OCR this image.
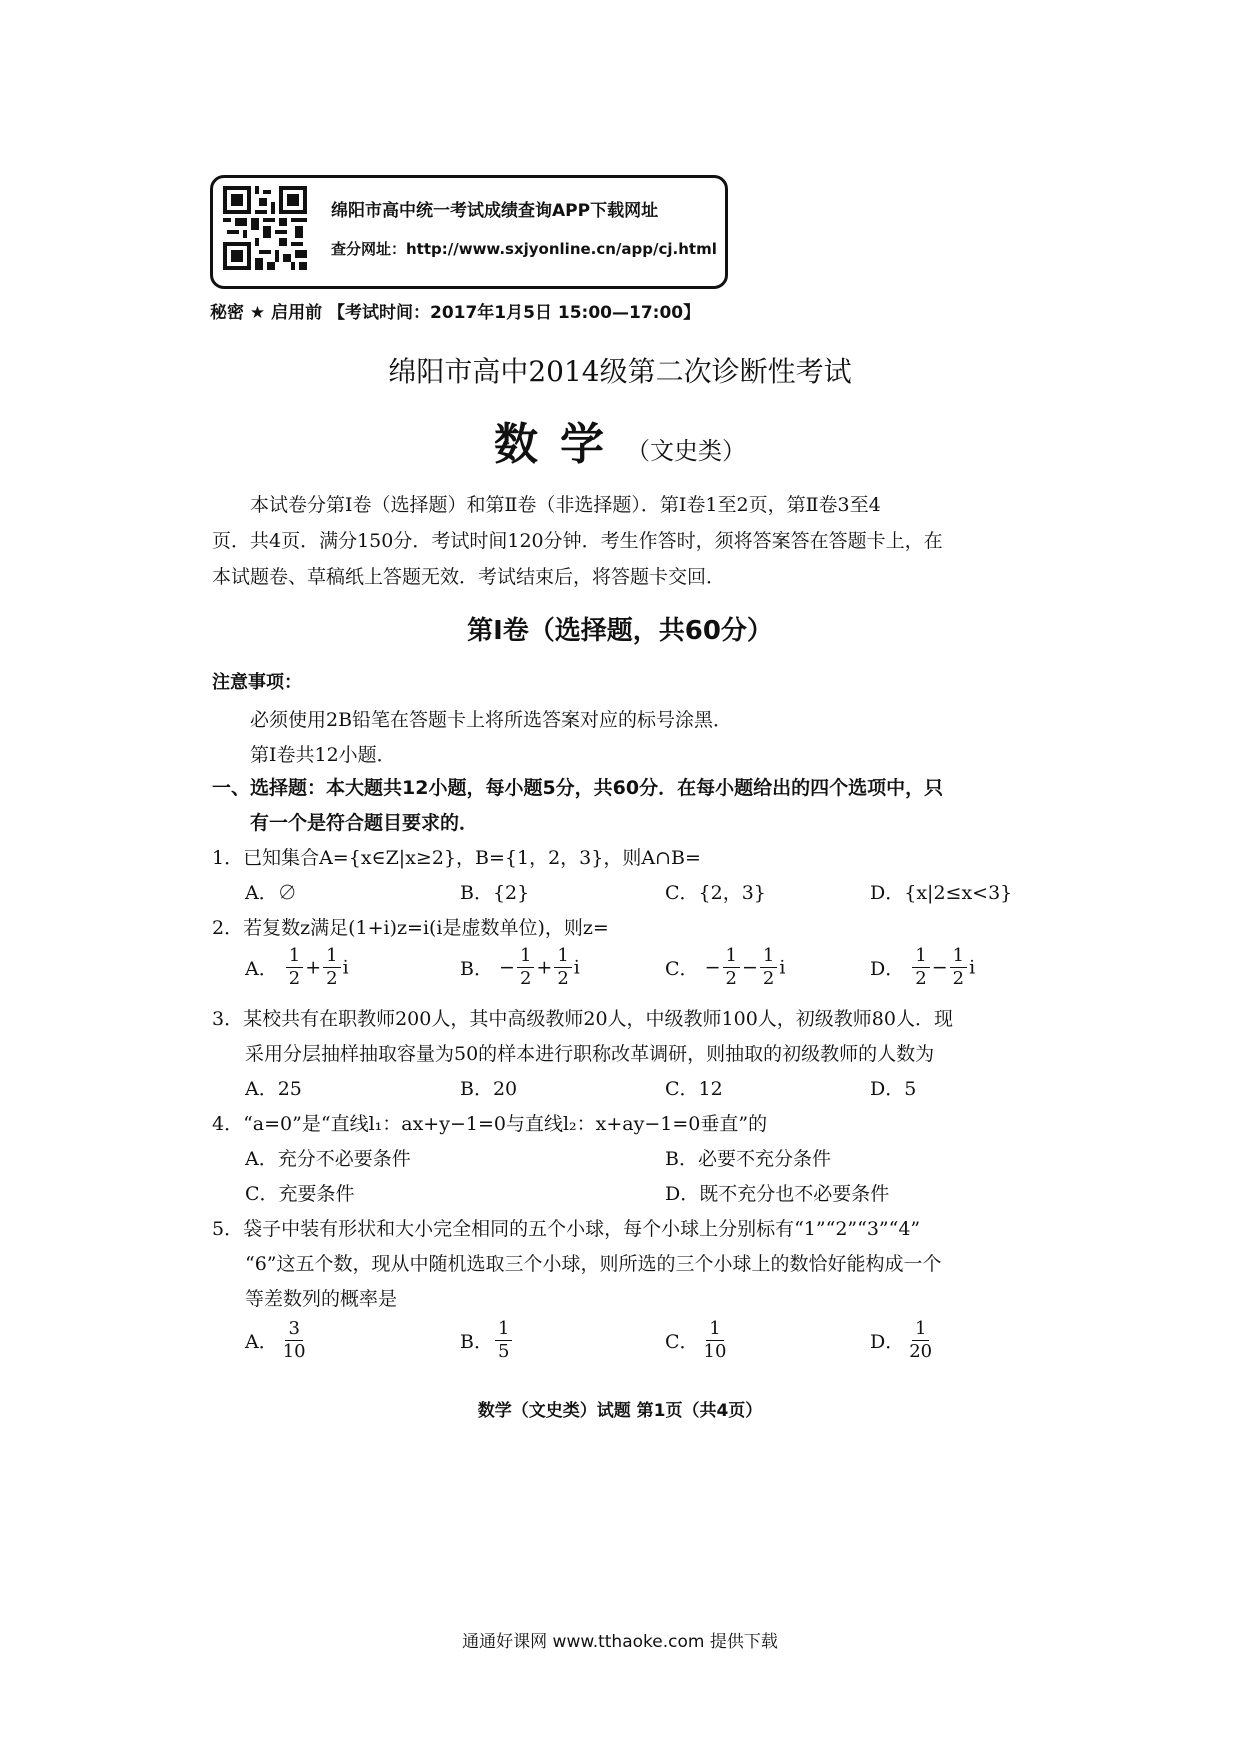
绵阳市高中统一考试成绩查询APP下载网址
查分网址：http://www.sxjyonline.cn/app/cj.html
秘密 ★ 启用前 【考试时间：2017年1月5日 15:00—17:00】
绵阳市高中2014级第二次诊断性考试
数学（文史类）

本试卷分第Ⅰ卷（选择题）和第Ⅱ卷（非选择题）．第Ⅰ卷1至2页，第Ⅱ卷3至4

页．共4页．满分150分．考试时间120分钟．考生作答时，须将答案答在答题卡上，在

本试题卷、草稿纸上答题无效．考试结束后，将答题卡交回．

第Ⅰ卷（选择题，共60分）
注意事项：
必须使用2B铅笔在答题卡上将所选答案对应的标号涂黑．
第Ⅰ卷共12小题．
一、选择题：本大题共12小题，每小题5分，共60分．在每小题给出的四个选项中，只
有一个是符合题目要求的．
1．已知集合A={x∈Z|x≥2}，B={1，2，3}，则A∩B=
A．∅	B．{2}	C．{2，3}	D．{x|2≤x<3}
2．若复数z满足(1+i)z=i(i是虚数单位)，则z=
A． $\frac{1}{2} + \frac{1}{2}$ i	B． − $\frac{1}{2} + \frac{1}{2}$ i	C． − $\frac{1}{2} - \frac{1}{2}$ i	D． $\frac{1}{2} - \frac{1}{2}$ i
3．某校共有在职教师200人，其中高级教师20人，中级教师100人，初级教师80人．现
采用分层抽样抽取容量为50的样本进行职称改革调研，则抽取的初级教师的人数为
A．25	B．20	C．12	D．5
4．“a=0”是“直线l₁：ax+y−1=0与直线l₂：x+ay−1=0垂直”的
A．充分不必要条件	B．必要不充分条件
C．充要条件	D．既不充分也不必要条件
5．袋子中装有形状和大小完全相同的五个小球，每个小球上分别标有“1”“2”“3”“4”
“6”这五个数，现从中随机选取三个小球，则所选的三个小球上的数恰好能构成一个
等差数列的概率是
A． $\frac{3}{10}$	B． $\frac{1}{5}$	C． $\frac{1}{10}$	D． $\frac{1}{20}$
数学（文史类）试题 第1页（共4页）
通通好课网 www.tthaoke.com 提供下载
